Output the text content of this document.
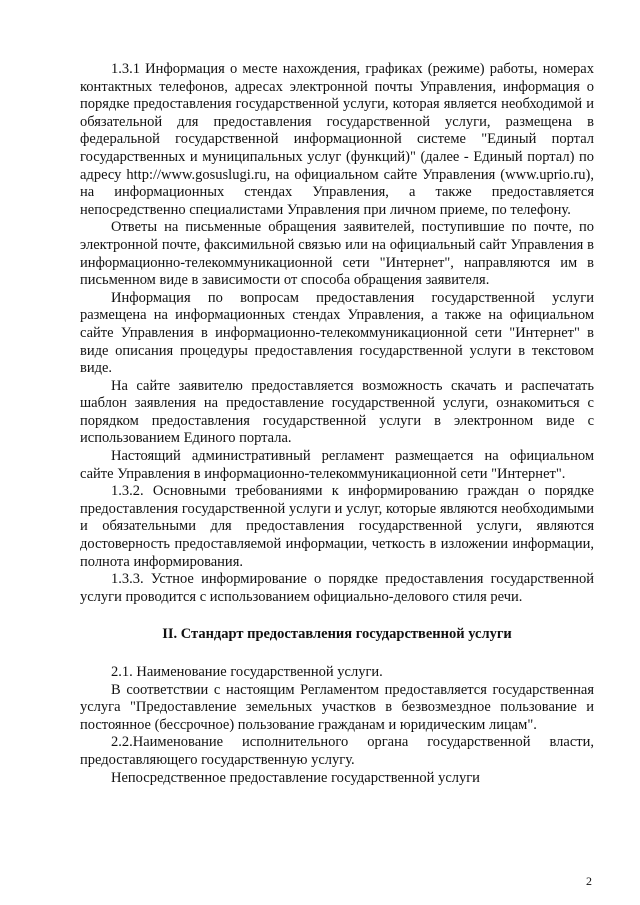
1.3.1 Информация о месте нахождения, графиках (режиме) работы, номерах контактных телефонов, адресах электронной почты Управления, информация о порядке предоставления государственной услуги, которая является необходимой и обязательной для предоставления государственной услуги, размещена в федеральной государственной информационной системе "Единый портал государственных и муниципальных услуг (функций)" (далее - Единый портал) по адресу http://www.gosuslugi.ru, на официальном сайте Управления (www.uprio.ru), на информационных стендах Управления, а также предоставляется непосредственно специалистами Управления при личном приеме, по телефону.

Ответы на письменные обращения заявителей, поступившие по почте, по электронной почте, факсимильной связью или на официальный сайт Управления в информационно-телекоммуникационной сети "Интернет", направляются им в письменном виде в зависимости от способа обращения заявителя.

Информация по вопросам предоставления государственной услуги размещена на информационных стендах Управления, а также на официальном сайте Управления в информационно-телекоммуникационной сети "Интернет" в виде описания процедуры предоставления государственной услуги в текстовом виде.

На сайте заявителю предоставляется возможность скачать и распечатать шаблон заявления на предоставление государственной услуги, ознакомиться с порядком предоставления государственной услуги в электронном виде с использованием Единого портала.

Настоящий административный регламент размещается на официальном сайте Управления в информационно-телекоммуникационной сети "Интернет".

1.3.2. Основными требованиями к информированию граждан о порядке предоставления государственной услуги и услуг, которые являются необходимыми и обязательными для предоставления государственной услуги, являются достоверность предоставляемой информации, четкость в изложении информации, полнота информирования.

1.3.3. Устное информирование о порядке предоставления государственной услуги проводится с использованием официально-делового стиля речи.

II. Стандарт предоставления государственной услуги

2.1. Наименование государственной услуги.

В соответствии с настоящим Регламентом предоставляется государственная услуга "Предоставление земельных участков в безвозмездное пользование и постоянное (бессрочное) пользование гражданам и юридическим лицам".

2.2.Наименование исполнительного органа государственной власти, предоставляющего государственную услугу.

Непосредственное предоставление государственной услуги

2
